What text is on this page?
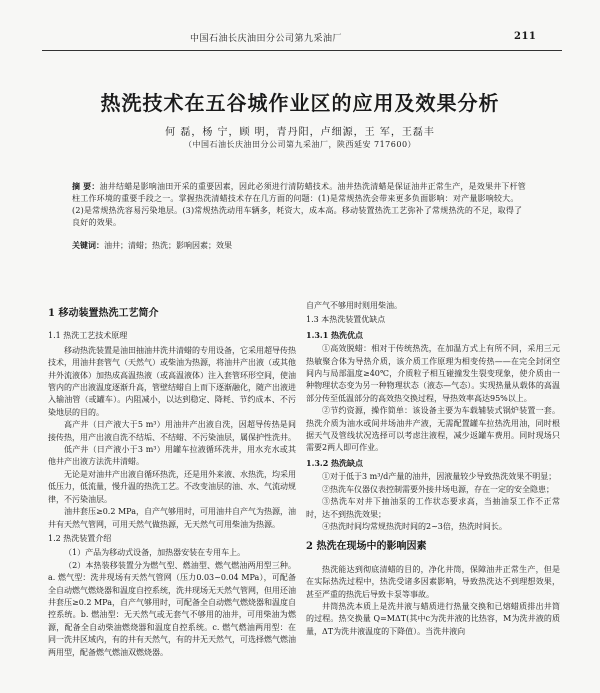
中国石油长庆油田分公司第九采油厂	211
热洗技术在五谷城作业区的应用及效果分析
何 磊，杨 宁，顾 明，青丹阳，卢细源，王 军，王磊丰
（中国石油长庆油田分公司第九采油厂，陕西延安 717600）
摘 要：油井结蜡是影响油田开采的重要因素，因此必须进行清防蜡技术。油井热洗清蜡是保证油井正常生产，是效果井下杆管柱工作环境的重要手段之一。掌握热洗清蜡技术存在几方面的问题：(1)是常规热洗会带来更多负面影响：对产量影响较大。(2)是常规热洗容易污染地层。(3)常规热洗动用车辆多，耗资大，成本高。移动装置热洗工艺弥补了常规热洗的不足，取得了良好的效果。
关键词：油井；清蜡；热洗；影响因素；效果
1 移动装置热洗工艺简介
1.1 热洗工艺技术原理

移动热洗装置是油田抽油井洗井清蜡的专用设备，它采用超导传热技术，用油井套管气（天然气）或柴油为热源，将油井产出液（或其他井外流液体）加热成高温热液（或高温液体）注入套管环形空间，使油管内的产出液温度逐渐升高，管壁结蜡自上而下逐渐融化，随产出液进入输油管（或罐车）。内阻减小，以达到稳定、降耗、节约成本、不污染地层的目的。

高产井（日产液大于5 m³）用油井产出液自洗，因超导传热是间接传热，用产出液自洗不结垢、不结蜡、不污染油层，属保护性洗井。

低产井（日产液小于3 m³）用罐车拉液循环洗井，用水充水或其他井产出液方法洗井清蜡。

无论是对油井产出液自循环热洗，还是用外来液、水热洗，均采用低压力，低流量，慢升温的热洗工艺。不改变油层的油、水、气流动规律，不污染油层。

油井套压≥0.2 MPa，自产气够用时，可用油井自产气为热源，油井有天然气管网，可用天然气做热源，无天然气可用柴油为热源。

1.2 热洗装置介绍

（1）产品为移动式设备，加热器安装在专用车上。

（2）本热装移装置分为燃气型、燃油型、燃气燃油两用型三种。a. 燃气型：洗井现场有天然气管网（压力0.03~0.04 MPa），可配备全自动燃气燃烧器和温度自控系统，洗井现场无天然气管网，但用还油井套压≥0.2 MPa，自产气够用时，可配备全自动燃气燃烧器和温度自控系统。b. 燃油型：无天然气或无套气不够用的油井，可用柴油为燃源，配备全自动柴油燃烧器和温度自控系统。c. 燃气燃油两用型：在同一洗井区域内，有的井有天然气，有的井无天然气，可选择燃气燃油两用型，配备燃气燃油双燃烧器。

自产气不够用时则用柴油。

1.3 本热洗装置优缺点
1.3.1 热洗优点

①高效脱蜡：相对于传统热洗，在加温方式上有所不同，采用三元热敏聚合体为导热介质，该介质工作原理为相变传热——在完全封闭空间内与局部温度≥40℃，介质粒子相互碰撞发生裂变现象，使介质由一种物理状态变为另一种物理状态（液态—气态）。实现热量从载体的高温部分传至低温部分的高效热交换过程，导热效率高达95%以上。

②节约资源，操作简单：该设备主要为车载辅装式锅炉装置一套。热洗介质为油水或间井场油井产液，无需配置罐车拉热洗用油，同时根据天气及管线状况选择可以考虑注液程，减少返罐车费用。同时现场只需要2两人即可作业。

1.3.2 热洗缺点

①对于低于3 m³/d产量的油井，因液量较少导致热洗效果不明显；

②热洗车仪器仪表控制需要外接井场电源，存在一定的安全隐患；

③热洗车对井下抽油泵的工作状态要求高，当抽油泵工作不正常时，达不到热洗效果；

④热洗时间均常规热洗时间的2~3倍，热洗时间长。

2 热洗在现场中的影响因素

热洗能达到彻底清蜡的目的，净化井筒，保障油井正常生产，但是在实际热洗过程中，热洗受诸多因素影响，导致热洗达不到理想效果，甚至严重的热洗后导致卡泵等事故。

井筒热洗本质上是洗井液与蜡质进行热量交换和已熔蜡质排出井筒的过程。热交换量 Q=MΔT(其中c为洗井液的比热容，M为洗井液的质量，ΔT为洗井液温度的下降值）。当洗井液向
